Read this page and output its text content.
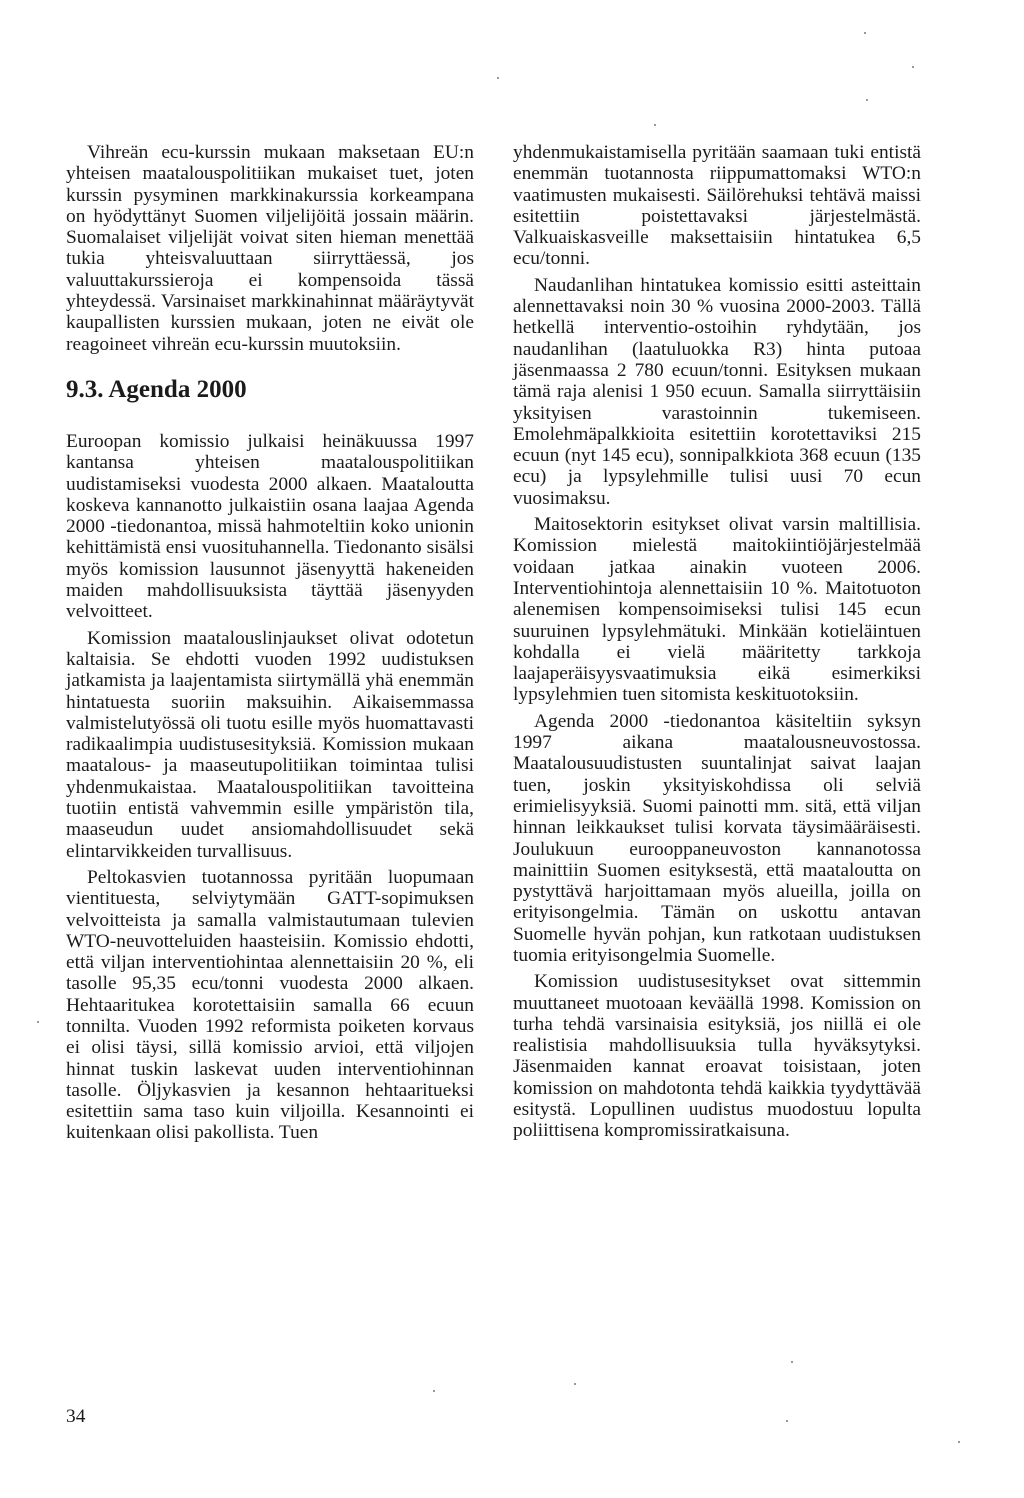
Vihreän ecu-kurssin mukaan maksetaan EU:n yhteisen maatalouspolitiikan mukaiset tuet, joten kurssin pysyminen markkinakurssia korkeampana on hyödyttänyt Suomen viljelijöitä jossain määrin. Suomalaiset viljelijät voivat siten hieman menettää tukia yhteisvaluuttaan siirryttäessä, jos valuuttakurssieroja ei kompensoida tässä yhteydessä. Varsinaiset markkinahinnat määräytyvät kaupallisten kurssien mukaan, joten ne eivät ole reagoineet vihreän ecu-kurssin muutoksiin.

9.3. Agenda 2000

Euroopan komissio julkaisi heinäkuussa 1997 kantansa yhteisen maatalouspolitiikan uudistamiseksi vuodesta 2000 alkaen. Maataloutta koskeva kannanotto julkaistiin osana laajaa Agenda 2000 -tiedonantoa, missä hahmoteltiin koko unionin kehittämistä ensi vuosituhannella. Tiedonanto sisälsi myös komission lausunnot jäsenyyttä hakeneiden maiden mahdollisuuksista täyttää jäsenyyden velvoitteet.

Komission maatalouslinjaukset olivat odotetun kaltaisia. Se ehdotti vuoden 1992 uudistuksen jatkamista ja laajentamista siirtymällä yhä enemmän hintatuesta suoriin maksuihin. Aikaisemmassa valmistelutyössä oli tuotu esille myös huomattavasti radikaalimpia uudistusesityksiä. Komission mukaan maatalous- ja maaseutupolitiikan toimintaa tulisi yhdenmukaistaa. Maatalouspolitiikan tavoitteina tuotiin entistä vahvemmin esille ympäristön tila, maaseudun uudet ansiomahdollisuudet sekä elintarvikkeiden turvallisuus.

Peltokasvien tuotannossa pyritään luopumaan vientituesta, selviytymään GATT-sopimuksen velvoitteista ja samalla valmistautumaan tulevien WTO-neuvotteluiden haasteisiin. Komissio ehdotti, että viljan interventiohintaa alennettaisiin 20 %, eli tasolle 95,35 ecu/tonni vuodesta 2000 alkaen. Hehtaaritukea korotettaisiin samalla 66 ecuun tonnilta. Vuoden 1992 reformista poiketen korvaus ei olisi täysi, sillä komissio arvioi, että viljojen hinnat tuskin laskevat uuden interventiohinnan tasolle. Öljykasvien ja kesannon hehtaaritueksi esitettiin sama taso kuin viljoilla. Kesannointi ei kuitenkaan olisi pakollista. Tuen

yhdenmukaistamisella pyritään saamaan tuki entistä enemmän tuotannosta riippumattomaksi WTO:n vaatimusten mukaisesti. Säilörehuksi tehtävä maissi esitettiin poistettavaksi järjestelmästä. Valkuaiskasveille maksettaisiin hintatukea 6,5 ecu/tonni.

Naudanlihan hintatukea komissio esitti asteittain alennettavaksi noin 30 % vuosina 2000-2003. Tällä hetkellä interventio-ostoihin ryhdytään, jos naudanlihan (laatuluokka R3) hinta putoaa jäsenmaassa 2 780 ecuun/tonni. Esityksen mukaan tämä raja alenisi 1 950 ecuun. Samalla siirryttäisiin yksityisen varastoinnin tukemiseen. Emolehmäpalkkioita esitettiin korotettaviksi 215 ecuun (nyt 145 ecu), sonnipalkkiota 368 ecuun (135 ecu) ja lypsylehmille tulisi uusi 70 ecun vuosimaksu.

Maitosektorin esitykset olivat varsin maltillisia. Komission mielestä maitokiintiöjärjestelmää voidaan jatkaa ainakin vuoteen 2006. Interventiohintoja alennettaisiin 10 %. Maitotuoton alenemisen kompensoimiseksi tulisi 145 ecun suuruinen lypsylehmätuki. Minkään kotieläintuen kohdalla ei vielä määritetty tarkkoja laajaperäisyysvaatimuksia eikä esimerkiksi lypsylehmien tuen sitomista keskituotoksiin.

Agenda 2000 -tiedonantoa käsiteltiin syksyn 1997 aikana maatalousneuvostossa. Maatalousuudistusten suuntalinjat saivat laajan tuen, joskin yksityiskohdissa oli selviä erimielisyyksiä. Suomi painotti mm. sitä, että viljan hinnan leikkaukset tulisi korvata täysimääräisesti. Joulukuun eurooppaneuvoston kannanotossa mainittiin Suomen esityksestä, että maataloutta on pystyttävä harjoittamaan myös alueilla, joilla on erityisongelmia. Tämän on uskottu antavan Suomelle hyvän pohjan, kun ratkotaan uudistuksen tuomia erityisongelmia Suomelle.

Komission uudistusesitykset ovat sittemmin muuttaneet muotoaan keväällä 1998. Komission on turha tehdä varsinaisia esityksiä, jos niillä ei ole realistisia mahdollisuuksia tulla hyväksytyksi. Jäsenmaiden kannat eroavat toisistaan, joten komission on mahdotonta tehdä kaikkia tyydyttävää esitystä. Lopullinen uudistus muodostuu lopulta poliittisena kompromissiratkaisuna.

34
